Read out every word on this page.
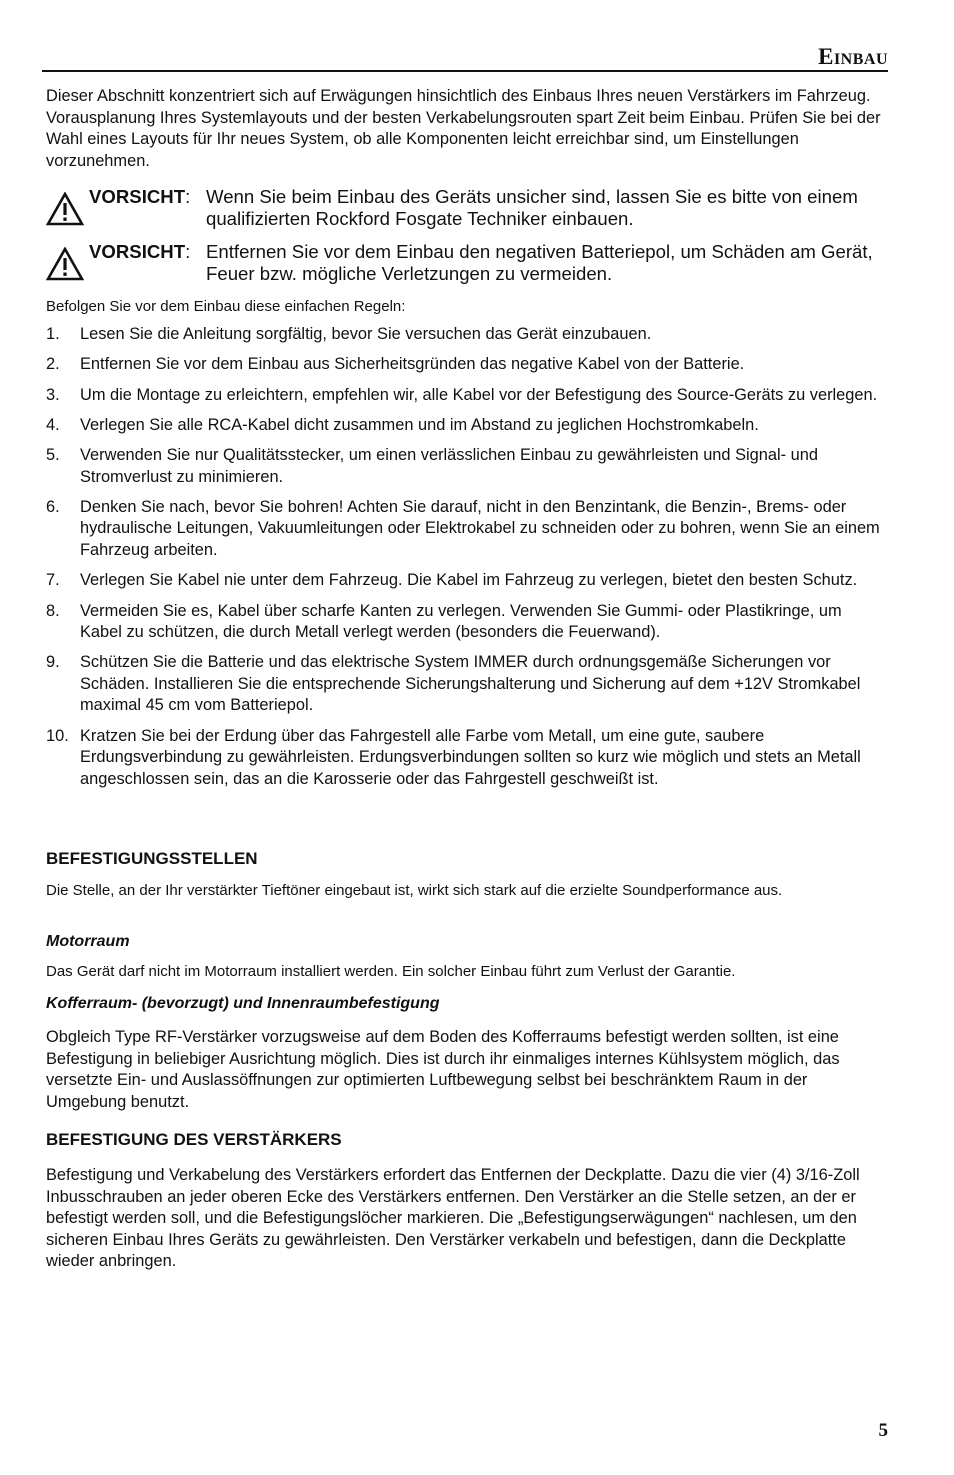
EINBAU
Dieser Abschnitt konzentriert sich auf Erwägungen hinsichtlich des Einbaus Ihres neuen Verstärkers im Fahrzeug. Vorausplanung Ihres Systemlayouts und der besten Verkabelungsrouten spart Zeit beim Einbau. Prüfen Sie bei der Wahl eines Layouts für Ihr neues System, ob alle Komponenten leicht erreichbar sind, um Einstellungen vorzunehmen.
VORSICHT: Wenn Sie beim Einbau des Geräts unsicher sind, lassen Sie es bitte von einem qualifizierten Rockford Fosgate Techniker einbauen.
VORSICHT: Entfernen Sie vor dem Einbau den negativen Batteriepol, um Schäden am Gerät, Feuer bzw. mögliche Verletzungen zu vermeiden.
Befolgen Sie vor dem Einbau diese einfachen Regeln:
1. Lesen Sie die Anleitung sorgfältig, bevor Sie versuchen das Gerät einzubauen.
2. Entfernen Sie vor dem Einbau aus Sicherheitsgründen das negative Kabel von der Batterie.
3. Um die Montage zu erleichtern, empfehlen wir, alle Kabel vor der Befestigung des Source-Geräts zu verlegen.
4. Verlegen Sie alle RCA-Kabel dicht zusammen und im Abstand zu jeglichen Hochstromkabeln.
5. Verwenden Sie nur Qualitätsstecker, um einen verlässlichen Einbau zu gewährleisten und Signal- und Stromverlust zu minimieren.
6. Denken Sie nach, bevor Sie bohren! Achten Sie darauf, nicht in den Benzintank, die Benzin-, Brems- oder hydraulische Leitungen, Vakuumleitungen oder Elektrokabel zu schneiden oder zu bohren, wenn Sie an einem Fahrzeug arbeiten.
7. Verlegen Sie Kabel nie unter dem Fahrzeug. Die Kabel im Fahrzeug zu verlegen, bietet den besten Schutz.
8. Vermeiden Sie es, Kabel über scharfe Kanten zu verlegen. Verwenden Sie Gummi- oder Plastikringe, um Kabel zu schützen, die durch Metall verlegt werden (besonders die Feuerwand).
9. Schützen Sie die Batterie und das elektrische System IMMER durch ordnungsgemäße Sicherungen vor Schäden. Installieren Sie die entsprechende Sicherungshalterung und Sicherung auf dem +12V Stromkabel maximal 45 cm vom Batteriepol.
10. Kratzen Sie bei der Erdung über das Fahrgestell alle Farbe vom Metall, um eine gute, saubere Erdungsverbindung zu gewährleisten. Erdungsverbindungen sollten so kurz wie möglich und stets an Metall angeschlossen sein, das an die Karosserie oder das Fahrgestell geschweißt ist.
BEFESTIGUNGSSTELLEN
Die Stelle, an der Ihr verstärkter Tieftöner eingebaut ist, wirkt sich stark auf die erzielte Soundperformance aus.
Motorraum
Das Gerät darf nicht im Motorraum installiert werden. Ein solcher Einbau führt zum Verlust der Garantie.
Kofferraum- (bevorzugt) und Innenraumbefestigung
Obgleich Type RF-Verstärker vorzugsweise auf dem Boden des Kofferraums befestigt werden sollten, ist eine Befestigung in beliebiger Ausrichtung möglich. Dies ist durch ihr einmaliges internes Kühlsystem möglich, das versetzte Ein- und Auslassöffnungen zur optimierten Luftbewegung selbst bei beschränktem Raum in der Umgebung benutzt.
BEFESTIGUNG DES VERSTÄRKERS
Befestigung und Verkabelung des Verstärkers erfordert das Entfernen der Deckplatte. Dazu die vier (4) 3/16-Zoll Inbusschrauben an jeder oberen Ecke des Verstärkers entfernen. Den Verstärker an die Stelle setzen, an der er befestigt werden soll, und die Befestigungslöcher markieren. Die „Befestigungserwägungen“ nachlesen, um den sicheren Einbau Ihres Geräts zu gewährleisten. Den Verstärker verkabeln und befestigen, dann die Deckplatte wieder anbringen.
5
